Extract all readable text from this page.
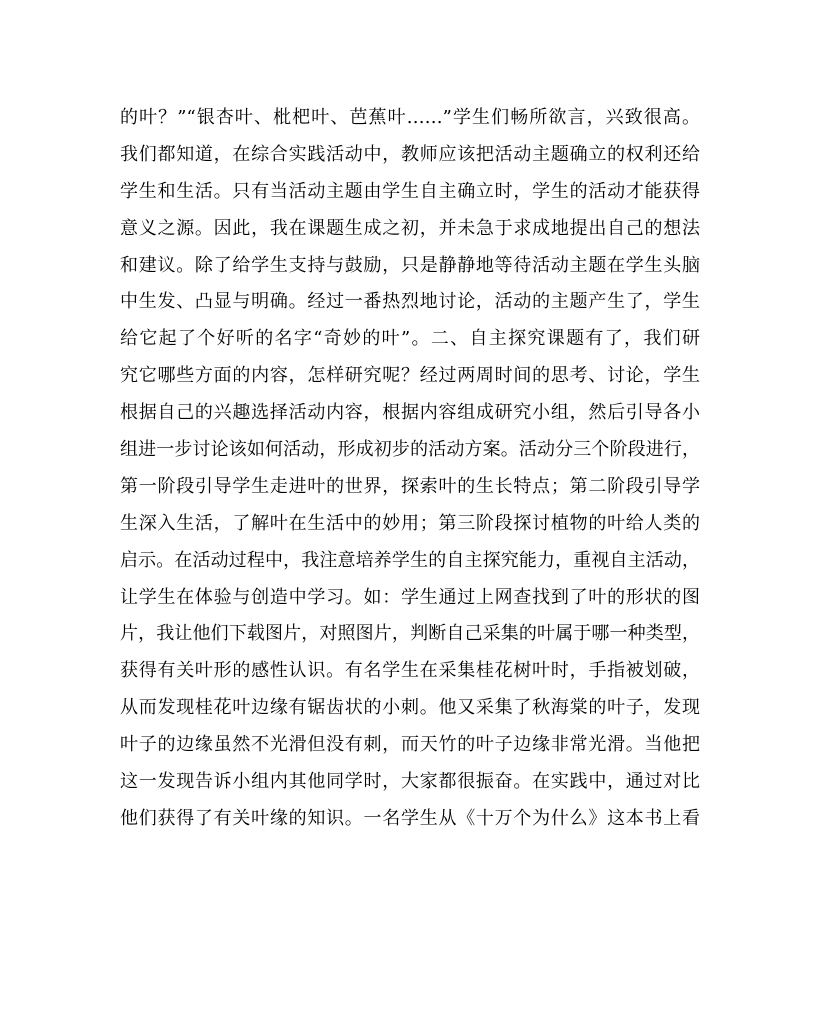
的叶？”“银杏叶、枇杷叶、芭蕉叶……”学生们畅所欲言，兴致很高。
我们都知道，在综合实践活动中，教师应该把活动主题确立的权利还给
学生和生活。只有当活动主题由学生自主确立时，学生的活动才能获得
意义之源。因此，我在课题生成之初，并未急于求成地提出自己的想法
和建议。除了给学生支持与鼓励，只是静静地等待活动主题在学生头脑
中生发、凸显与明确。经过一番热烈地讨论，活动的主题产生了，学生
给它起了个好听的名字“奇妙的叶”。二、自主探究课题有了，我们研
究它哪些方面的内容，怎样研究呢？经过两周时间的思考、讨论，学生
根据自己的兴趣选择活动内容，根据内容组成研究小组，然后引导各小
组进一步讨论该如何活动，形成初步的活动方案。活动分三个阶段进行，
第一阶段引导学生走进叶的世界，探索叶的生长特点；第二阶段引导学
生深入生活，了解叶在生活中的妙用；第三阶段探讨植物的叶给人类的
启示。在活动过程中，我注意培养学生的自主探究能力，重视自主活动，
让学生在体验与创造中学习。如：学生通过上网查找到了叶的形状的图
片，我让他们下载图片，对照图片，判断自己采集的叶属于哪一种类型，
获得有关叶形的感性认识。有名学生在采集桂花树叶时，手指被划破，
从而发现桂花叶边缘有锯齿状的小刺。他又采集了秋海棠的叶子，发现
叶子的边缘虽然不光滑但没有刺，而天竹的叶子边缘非常光滑。当他把
这一发现告诉小组内其他同学时，大家都很振奋。在实践中，通过对比
他们获得了有关叶缘的知识。一名学生从《十万个为什么》这本书上看
